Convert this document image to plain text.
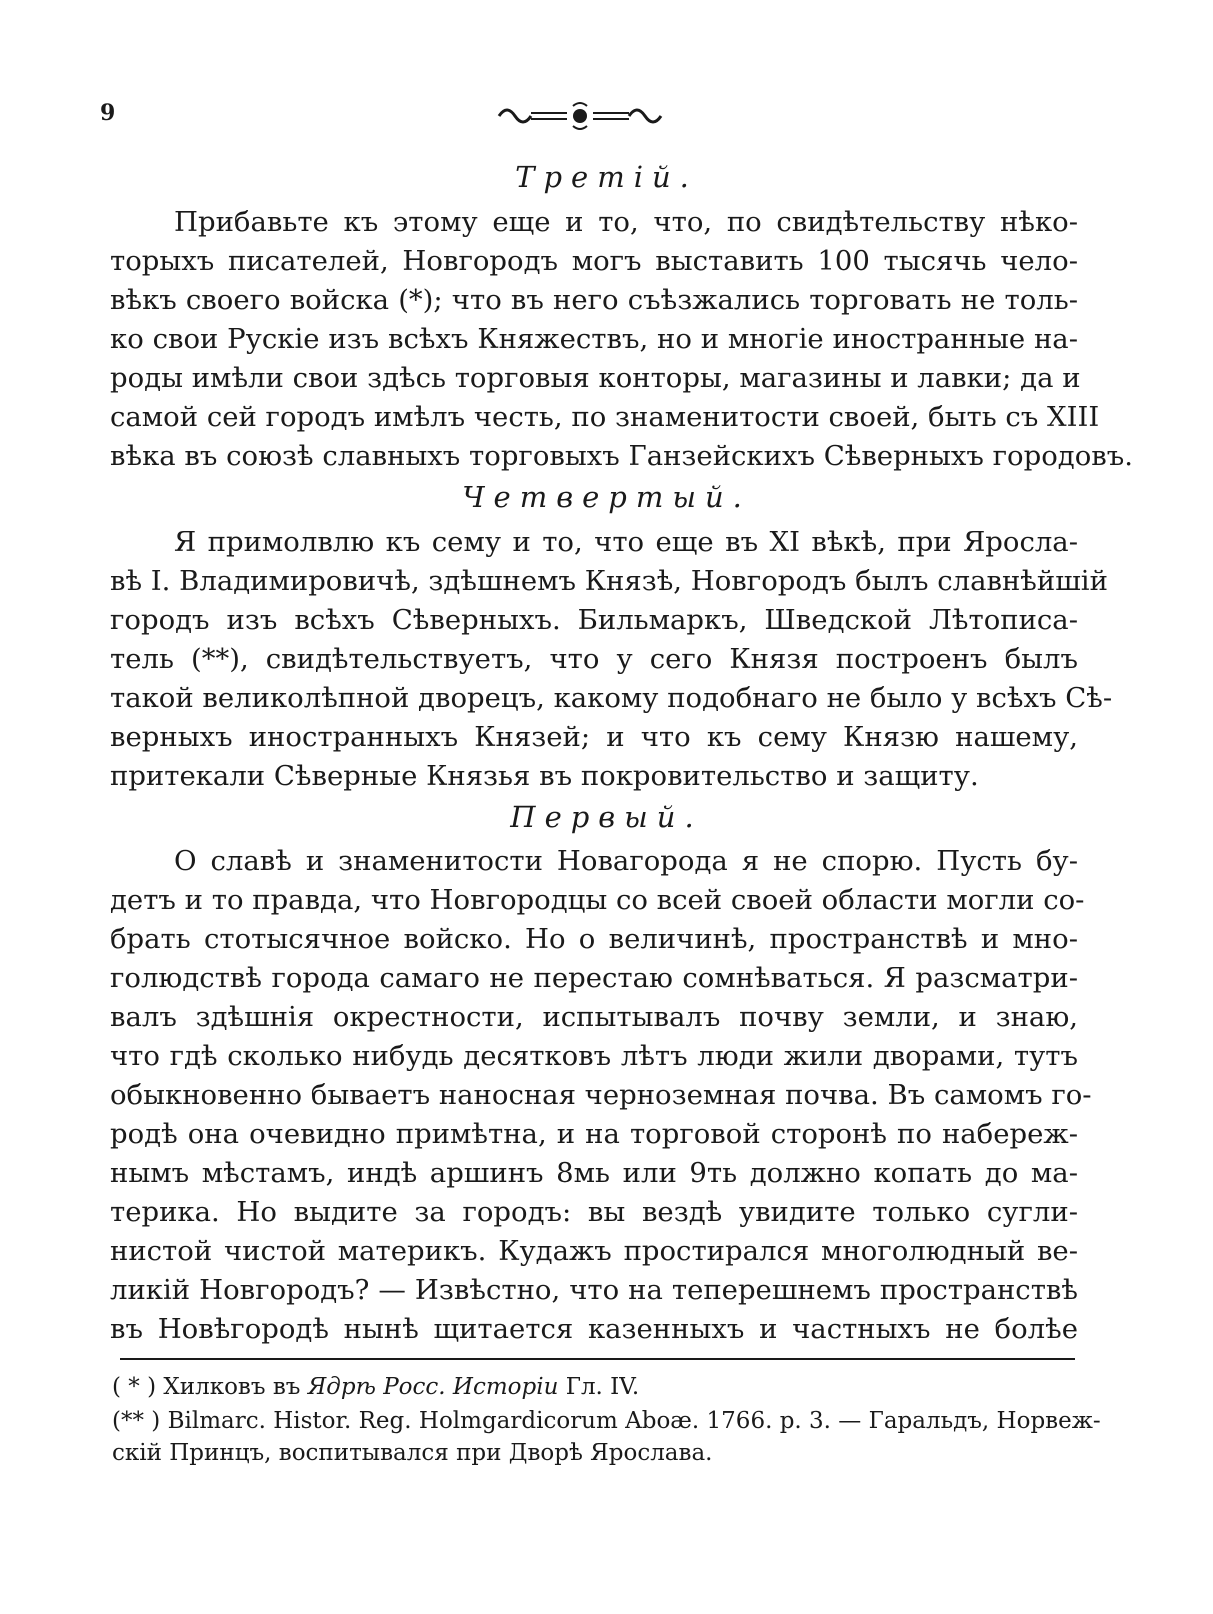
9
Третій.
Прибавьте къ этому еще и то, что, по свидѣтельству нѣко-
торыхъ писателей, Новгородъ могъ выставить 100 тысячь чело-
вѣкъ своего войска (*); что въ него съѣзжались торговать не толь-
ко свои Рускіе изъ всѣхъ Княжествъ, но и многіе иностранные на-
роды имѣли свои здѣсь торговыя конторы, магазины и лавки; да и
самой сей городъ имѣлъ честь, по знаменитости своей, быть съ XIII
вѣка въ союзѣ славныхъ торговыхъ Ганзейскихъ Сѣверныхъ городовъ.
Четвертый.
Я примолвлю къ сему и то, что еще въ XI вѣкѣ, при Яросла-
вѣ I. Владимировичѣ, здѣшнемъ Князѣ, Новгородъ былъ славнѣйшій
городъ изъ всѣхъ Сѣверныхъ. Бильмаркъ, Шведской Лѣтописа-
тель (**), свидѣтельствуетъ, что у сего Князя построенъ былъ
такой великолѣпной дворецъ, какому подобнаго не было у всѣхъ Сѣ-
верныхъ иностранныхъ Князей; и что къ сему Князю нашему,
притекали Сѣверные Князья въ покровительство и защиту.
Первый.
О славѣ и знаменитости Новагорода я не спорю. Пусть бу-
детъ и то правда, что Новгородцы со всей своей области могли со-
брать стотысячное войско. Но о величинѣ, пространствѣ и мно-
голюдствѣ города самаго не перестаю сомнѣваться. Я разсматри-
валъ здѣшнія окрестности, испытывалъ почву земли, и знаю,
что гдѣ сколько нибудь десятковъ лѣтъ люди жили дворами, тутъ
обыкновенно бываетъ наносная черноземная почва. Въ самомъ го-
родѣ она очевидно примѣтна, и на торговой сторонѣ по набереж-
нымъ мѣстамъ, индѣ аршинъ 8мь или 9ть должно копать до ма-
терика. Но выдите за городъ: вы вездѣ увидите только сугли-
нистой чистой материкъ. Кудажъ простирался многолюдный ве-
ликій Новгородъ? — Извѣстно, что на теперешнемъ пространствѣ
въ Новѣгородѣ нынѣ щитается казенныхъ и частныхъ не болѣе
( * ) Хилковъ въ Ядрѣ Росс. Исторіи Гл. IV.
(** ) Bilmarc. Histor. Reg. Holmgardicorum Aboæ. 1766. p. 3. — Гаральдъ, Норвеж-
скій Принцъ, воспитывался при Дворѣ Ярослава.
